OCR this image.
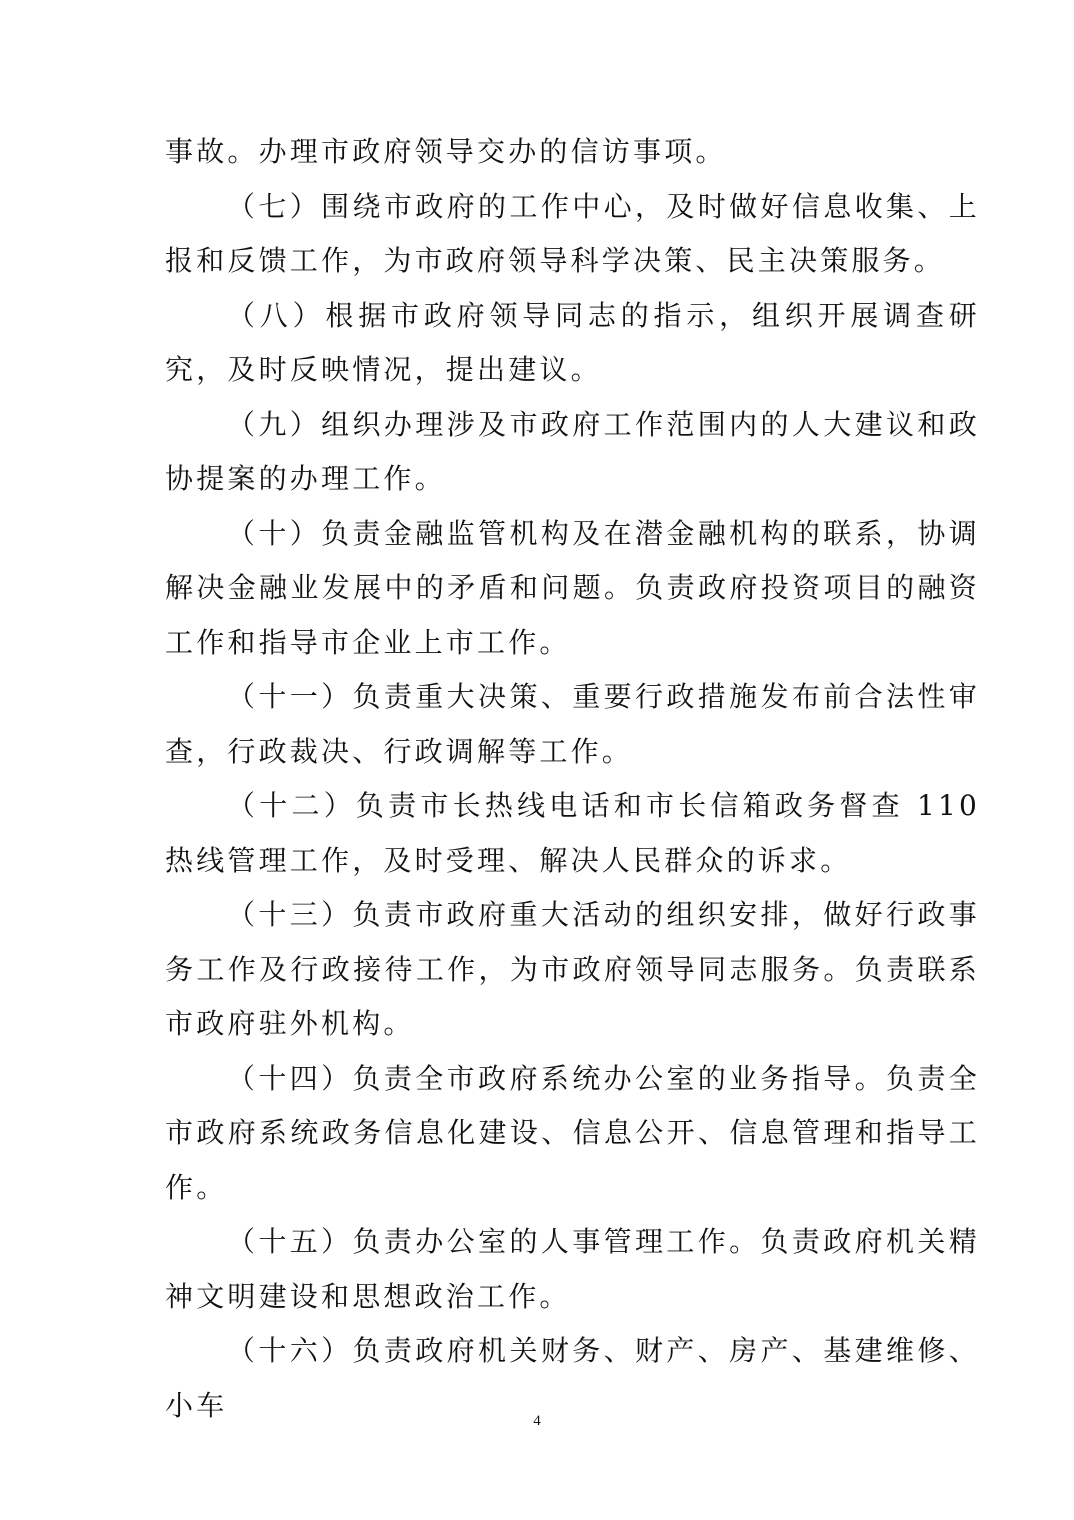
事故。办理市政府领导交办的信访事项。

（七）围绕市政府的工作中心，及时做好信息收集、上报和反馈工作，为市政府领导科学决策、民主决策服务。

（八）根据市政府领导同志的指示，组织开展调查研究，及时反映情况，提出建议。

（九）组织办理涉及市政府工作范围内的人大建议和政协提案的办理工作。

（十）负责金融监管机构及在潜金融机构的联系，协调解决金融业发展中的矛盾和问题。负责政府投资项目的融资工作和指导市企业上市工作。

（十一）负责重大决策、重要行政措施发布前合法性审查，行政裁决、行政调解等工作。

（十二）负责市长热线电话和市长信箱政务督查 110 热线管理工作，及时受理、解决人民群众的诉求。

（十三）负责市政府重大活动的组织安排，做好行政事务工作及行政接待工作，为市政府领导同志服务。负责联系市政府驻外机构。

（十四）负责全市政府系统办公室的业务指导。负责全市政府系统政务信息化建设、信息公开、信息管理和指导工作。

（十五）负责办公室的人事管理工作。负责政府机关精神文明建设和思想政治工作。

（十六）负责政府机关财务、财产、房产、基建维修、小车	4
